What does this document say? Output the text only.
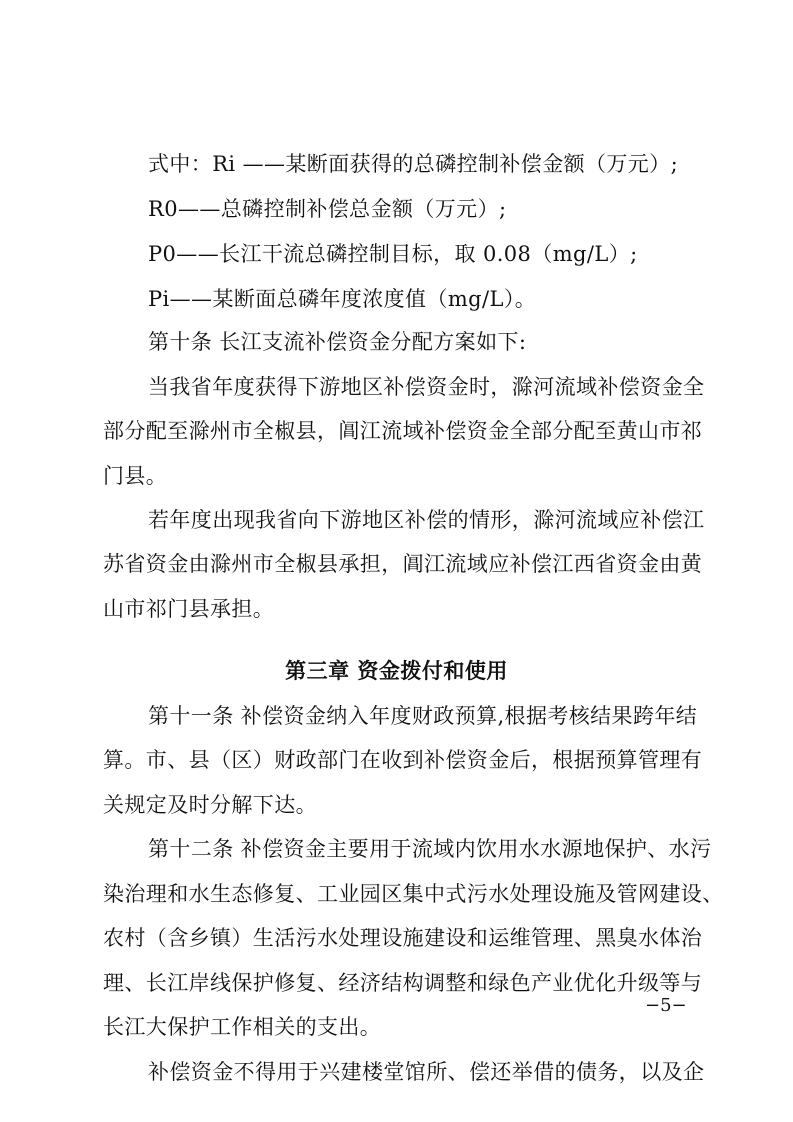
式中：Ri ——某断面获得的总磷控制补偿金额（万元）;
R0——总磷控制补偿总金额（万元）;
P0——长江干流总磷控制目标，取 0.08（mg/L）;
Pi——某断面总磷年度浓度值（mg/L）。
第十条 长江支流补偿资金分配方案如下:
当我省年度获得下游地区补偿资金时，滁河流域补偿资金全
部分配至滁州市全椒县，阊江流域补偿资金全部分配至黄山市祁
门县。
若年度出现我省向下游地区补偿的情形，滁河流域应补偿江
苏省资金由滁州市全椒县承担，阊江流域应补偿江西省资金由黄
山市祁门县承担。
第三章 资金拨付和使用
第十一条 补偿资金纳入年度财政预算,根据考核结果跨年结
算。市、县（区）财政部门在收到补偿资金后，根据预算管理有
关规定及时分解下达。
第十二条 补偿资金主要用于流域内饮用水水源地保护、水污
染治理和水生态修复、工业园区集中式污水处理设施及管网建设、
农村（含乡镇）生活污水处理设施建设和运维管理、黑臭水体治
理、长江岸线保护修复、经济结构调整和绿色产业优化升级等与
长江大保护工作相关的支出。
补偿资金不得用于兴建楼堂馆所、偿还举借的债务，以及企
−5−
